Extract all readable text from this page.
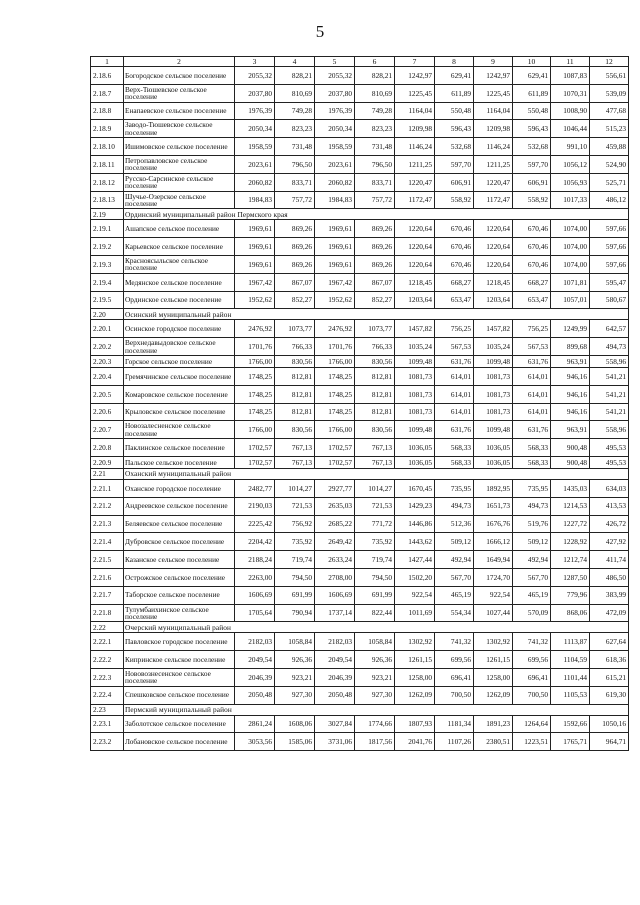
5
1	2	3	4	5	6	7	8	9	10	11	12
2.18.6	Богородское сельское поселение	2055,32	828,21	2055,32	828,21	1242,97	629,41	1242,97	629,41	1087,83	556,61
2.18.7	Верх-Тюшевское сельское поселение	2037,80	810,69	2037,80	810,69	1225,45	611,89	1225,45	611,89	1070,31	539,09
2.18.8	Енапаевское сельское поселение	1976,39	749,28	1976,39	749,28	1164,04	550,48	1164,04	550,48	1008,90	477,68
2.18.9	Заводо-Тюшевское сельское поселение	2050,34	823,23	2050,34	823,23	1209,98	596,43	1209,98	596,43	1046,44	515,23
2.18.10	Ишимовское сельское поселение	1958,59	731,48	1958,59	731,48	1146,24	532,68	1146,24	532,68	991,10	459,88
2.18.11	Петропавловское сельское поселение	2023,61	796,50	2023,61	796,50	1211,25	597,70	1211,25	597,70	1056,12	524,90
2.18.12	Русско-Сарсинское сельское поселение	2060,82	833,71	2060,82	833,71	1220,47	606,91	1220,47	606,91	1056,93	525,71
2.18.13	Шучье-Озерское сельское поселение	1984,83	757,72	1984,83	757,72	1172,47	558,92	1172,47	558,92	1017,33	486,12
2.19	Ординский муниципальный район Пермского края										
2.19.1	Ашапское сельское поселение	1969,61	869,26	1969,61	869,26	1220,64	670,46	1220,64	670,46	1074,00	597,66
2.19.2	Карьевское сельское поселение	1969,61	869,26	1969,61	869,26	1220,64	670,46	1220,64	670,46	1074,00	597,66
2.19.3	Красноясыльское сельское поселение	1969,61	869,26	1969,61	869,26	1220,64	670,46	1220,64	670,46	1074,00	597,66
2.19.4	Медянское сельское поселение	1967,42	867,07	1967,42	867,07	1218,45	668,27	1218,45	668,27	1071,81	595,47
2.19.5	Ординское сельское поселение	1952,62	852,27	1952,62	852,27	1203,64	653,47	1203,64	653,47	1057,01	580,67
2.20	Осинский муниципальный район										
2.20.1	Осинское городское поселение	2476,92	1073,77	2476,92	1073,77	1457,82	756,25	1457,82	756,25	1249,99	642,57
2.20.2	Верхнедавыдовское сельское поселение	1701,76	766,33	1701,76	766,33	1035,24	567,53	1035,24	567,53	899,68	494,73
2.20.3	Горское сельское поселение	1766,00	830,56	1766,00	830,56	1099,48	631,76	1099,48	631,76	963,91	558,96
2.20.4	Гремячинское сельское поселение	1748,25	812,81	1748,25	812,81	1081,73	614,01	1081,73	614,01	946,16	541,21
2.20.5	Комаровское сельское поселение	1748,25	812,81	1748,25	812,81	1081,73	614,01	1081,73	614,01	946,16	541,21
2.20.6	Крыловское сельское поселение	1748,25	812,81	1748,25	812,81	1081,73	614,01	1081,73	614,01	946,16	541,21
2.20.7	Новозалесненское сельское поселение	1766,00	830,56	1766,00	830,56	1099,48	631,76	1099,48	631,76	963,91	558,96
2.20.8	Паклинское сельское поселение	1702,57	767,13	1702,57	767,13	1036,05	568,33	1036,05	568,33	900,48	495,53
2.20.9	Пальское сельское поселение	1702,57	767,13	1702,57	767,13	1036,05	568,33	1036,05	568,33	900,48	495,53
2.21	Оханский муниципальный район										
2.21.1	Оханское городское поселение	2482,77	1014,27	2927,77	1014,27	1670,45	735,95	1892,95	735,95	1435,03	634,03
2.21.2	Андреевское сельское поселение	2190,03	721,53	2635,03	721,53	1429,23	494,73	1651,73	494,73	1214,53	413,53
2.21.3	Беляевское сельское поселение	2225,42	756,92	2685,22	771,72	1446,86	512,36	1676,76	519,76	1227,72	426,72
2.21.4	Дубровское сельское поселение	2204,42	735,92	2649,42	735,92	1443,62	509,12	1666,12	509,12	1228,92	427,92
2.21.5	Казанское сельское поселение	2188,24	719,74	2633,24	719,74	1427,44	492,94	1649,94	492,94	1212,74	411,74
2.21.6	Острожское сельское поселение	2263,00	794,50	2708,00	794,50	1502,20	567,70	1724,70	567,70	1287,50	486,50
2.21.7	Таборское сельское поселение	1606,69	691,99	1606,69	691,99	922,54	465,19	922,54	465,19	779,96	383,99
2.21.8	Тулумбаихинское сельское поселение	1705,64	790,94	1737,14	822,44	1011,69	554,34	1027,44	570,09	868,06	472,09
2.22	Очерский муниципальный район										
2.22.1	Павловское городское поселение	2182,03	1058,84	2182,03	1058,84	1302,92	741,32	1302,92	741,32	1113,87	627,64
2.22.2	Кипринское сельское поселение	2049,54	926,36	2049,54	926,36	1261,15	699,56	1261,15	699,56	1104,59	618,36
2.22.3	Нововознесенское сельское поселение	2046,39	923,21	2046,39	923,21	1258,00	696,41	1258,00	696,41	1101,44	615,21
2.22.4	Спешковское сельское поселение	2050,48	927,30	2050,48	927,30	1262,09	700,50	1262,09	700,50	1105,53	619,30
2.23	Пермский муниципальный район										
2.23.1	Заболотское сельское поселение	2861,24	1608,06	3027,84	1774,66	1807,93	1181,34	1891,23	1264,64	1592,66	1050,16
2.23.2	Лобановское сельское поселение	3053,56	1585,06	3731,06	1817,56	2041,76	1107,26	2380,51	1223,51	1765,71	964,71
